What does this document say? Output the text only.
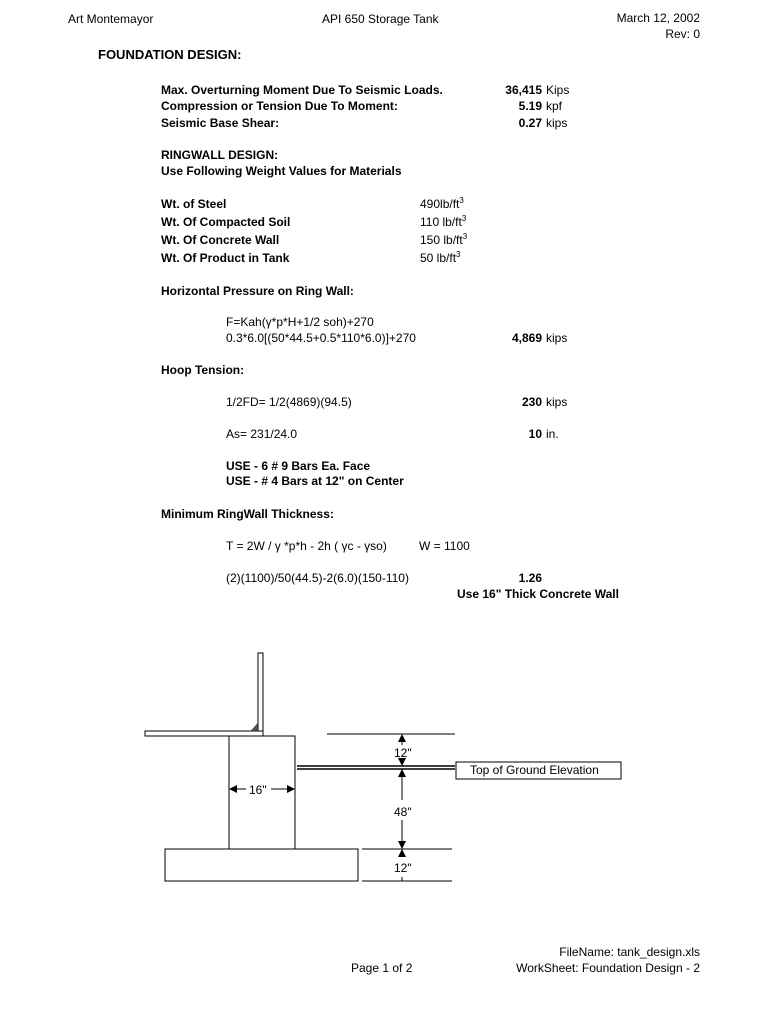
Art Montemayor	API 650 Storage Tank	March 12, 2002
Rev: 0
FOUNDATION DESIGN:
Max. Overturning Moment Due To Seismic Loads.	36,415 Kips
Compression or Tension Due To Moment:	5.19 kpf
Seismic Base Shear:	0.27 kips
RINGWALL DESIGN:
Use Following Weight Values for Materials
Wt. of Steel	$490lb/ft^3$
Wt. Of Compacted Soil	110 $lb/ft^3$
Wt. Of Concrete Wall	150 $lb/ft^3$
Wt. Of Product in Tank	50 $lb/ft^3$
Horizontal Pressure on Ring Wall:
F=Kah(γ*p*H+1/2 soh)+270
0.3*6.0[(50*44.5+0.5*110*6.0)]+270	4,869 kips
Hoop Tension:
1/2FD= 1/2(4869)(94.5)	230 kips
As= 231/24.0	10 in.
USE - 6 # 9 Bars Ea. Face
USE - # 4 Bars at 12" on Center
Minimum RingWall Thickness:
T = 2W / γ *p*h - 2h ( γc - γso)	W = 1100
(2)(1100)/50(44.5)-2(6.0)(150-110)	1.26
Use 16" Thick Concrete Wall
12"
48"
12"
16"
Top of Ground Elevation
FileName: tank_design.xls
WorkSheet: Foundation Design - 2
Page 1 of 2
